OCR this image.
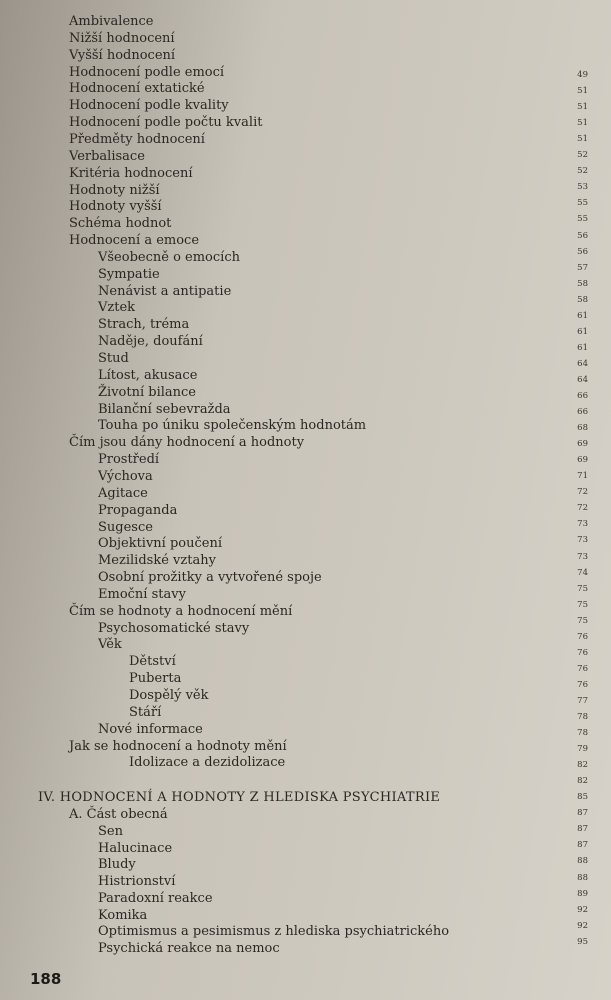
Ambivalence
Nižší hodnocení
Vyšší hodnocení
Hodnocení podle emocí
Hodnocení extatické
Hodnocení podle kvality
Hodnocení podle počtu kvalit
Předměty hodnocení
Verbalisace
Kritéria hodnocení
Hodnoty nižší
Hodnoty vyšší
Schéma hodnot
Hodnocení a emoce
Všeobecně o emocích
Sympatie
Nenávist a antipatie
Vztek
Strach, tréma
Naděje, doufání
Stud
Lítost, akusace
Životní bilance
Bilanční sebevražda
Touha po úniku společenským hodnotám
Čím jsou dány hodnocení a hodnoty
Prostředí
Výchova
Agitace
Propaganda
Sugesce
Objektivní poučení
Mezilidské vztahy
Osobní prožitky a vytvořené spoje
Emoční stavy
Čím se hodnoty a hodnocení mění
Psychosomatické stavy
Věk
Dětství
Puberta
Dospělý věk
Stáří
Nové informace
Jak se hodnocení a hodnoty mění
Idolizace a dezidolizace
IV. HODNOCENÍ A HODNOTY Z HLEDISKA PSYCHIATRIE
A. Část obecná
Sen
Halucinace
Bludy
Histrionství
Paradoxní reakce
Komika
Optimismus a pesimismus z hlediska psychiatrického
Psychická reakce na nemoc
49
51
51
51
51
52
52
53
55
55
56
56
57
58
58
61
61
61
64
64
66
66
68
69
69
71
72
72
73
73
73
74
75
75
75
76
76
76
76
77
78
78
79
82
82
85
87
87
87
88
88
89
92
92
95
188
